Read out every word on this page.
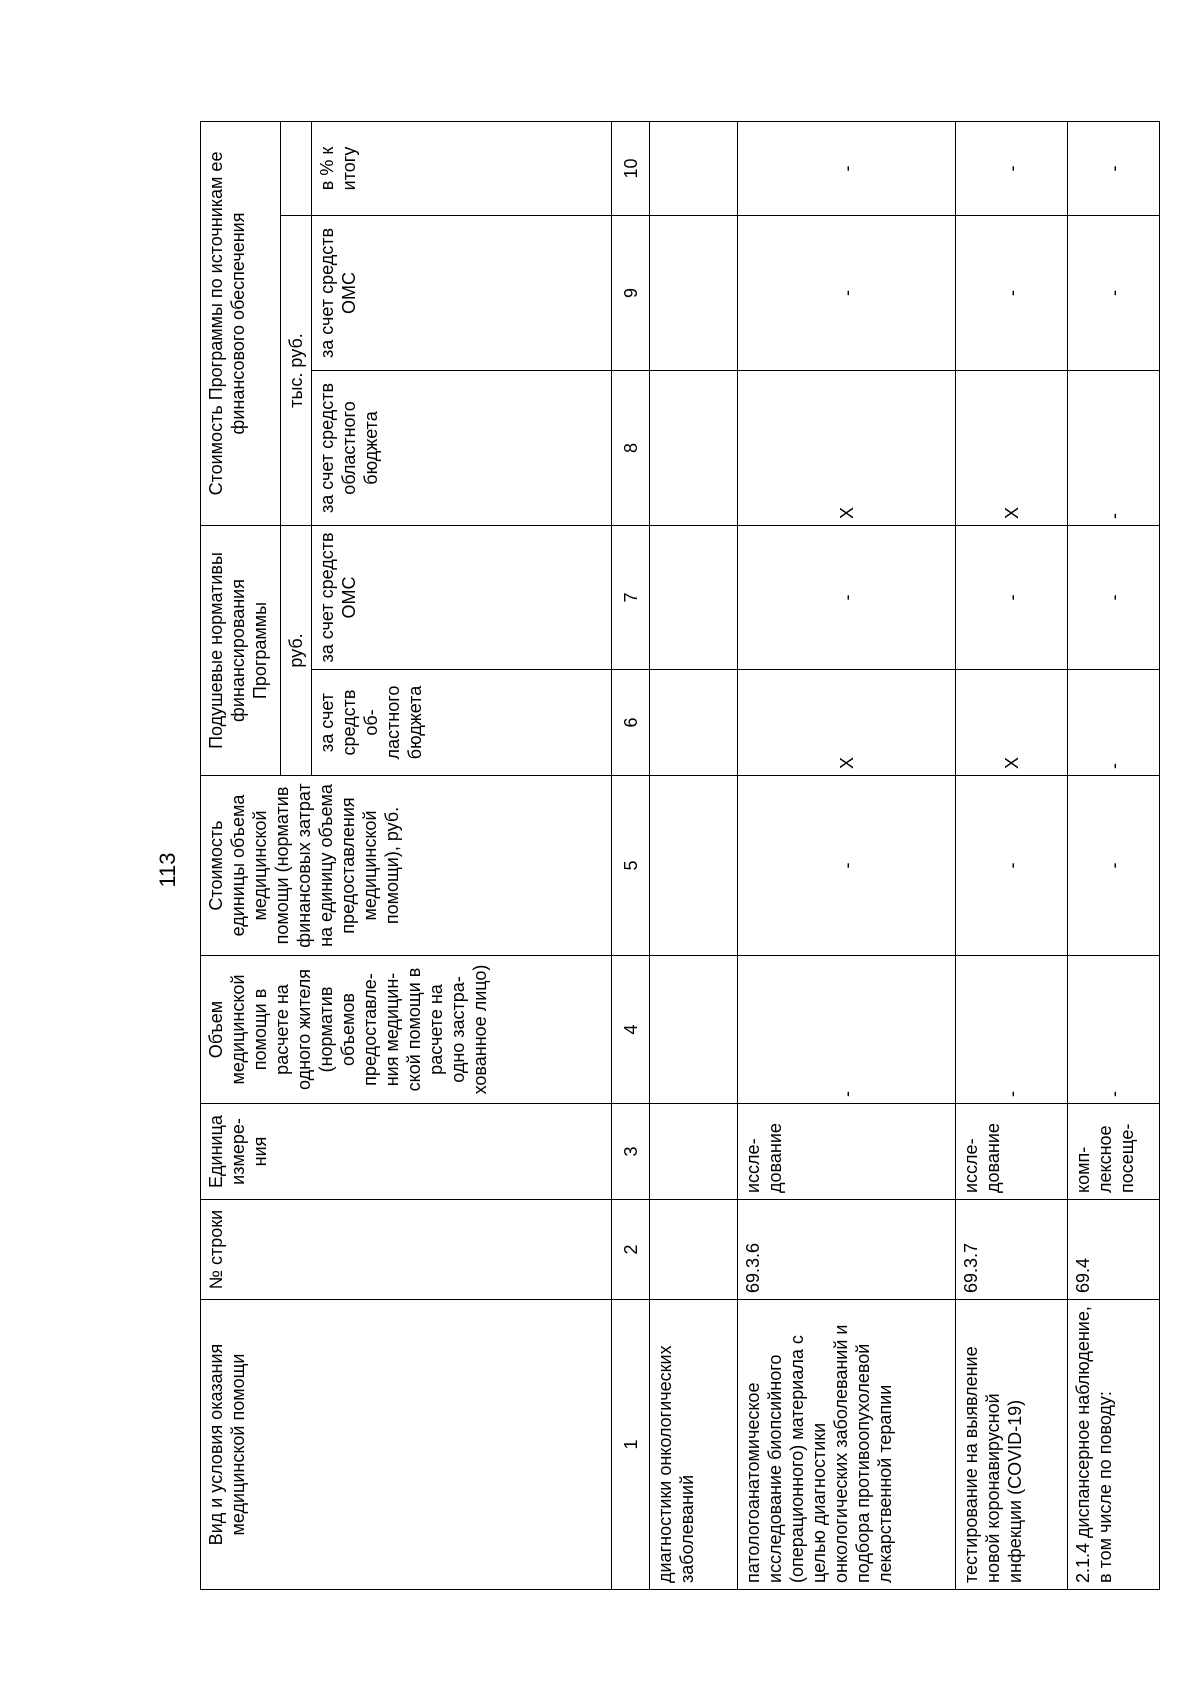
113
Вид и условия оказания медицинской помощи	№ строки	Единица измере-ния	Объем медицинской помощи в расчете на одного жителя (норматив объемов предоставле-ния медицин-ской помощи в расчете на одно застра-хованное лицо)	Стоимость единицы объема медицинской помощи (норматив финансовых затрат на единицу объема предоставления медицинской помощи), руб.	Подушевые нормативы финансирования Программы		Стоимость Программы по источникам ее финансового обеспечения		
					руб.		тыс. руб.		
					за счет средств об-ластного бюджета	за счет средств ОМС	за счет средств областного бюджета	за счет средств ОМС	в % к итогу
1	2	3	4	5	6	7	8	9	10
диагностики онкологических заболеваний									
патологоанатомическое исследование биопсийного (операционного) материала с целью диагностики онкологических заболеваний и подбора противоопухолевой лекарственной терапии	69.3.6	иссле-дование	-	-	X	-	X	-	-
тестирование на выявление новой коронавирусной инфекции (COVID-19)	69.3.7	иссле-дование	-	-	X	-	X	-	-
2.1.4 диспансерное наблюдение, в том числе по поводу:	69.4	комп-лексное посеще-	-	-	-	-	-	-	-
